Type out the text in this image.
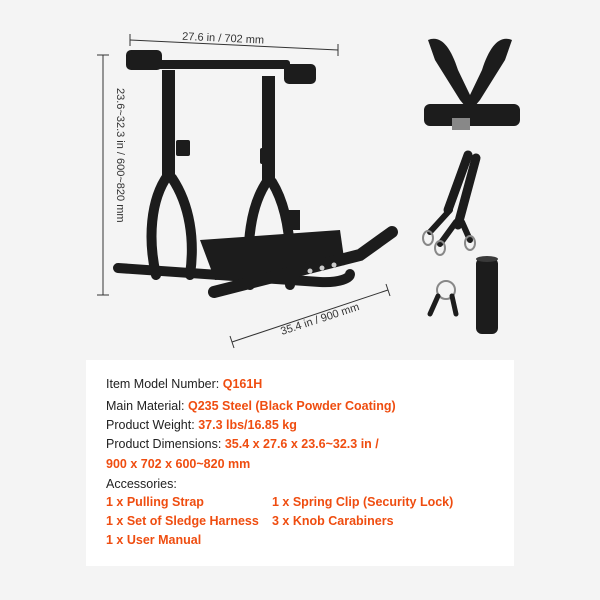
27.6 in / 702 mm
23.6~32.3 in / 600~820 mm
35.4 in / 900 mm
Item Model Number: Q161H
Main Material: Q235 Steel (Black Powder Coating)
Product Weight: 37.3 lbs/16.85 kg
Product Dimensions: 35.4 x 27.6 x 23.6~32.3 in /
900 x 702 x 600~820 mm
Accessories:
1 x Pulling Strap	1 x Spring Clip (Security Lock)
1 x Set of Sledge Harness 3 x Knob Carabiners
1 x User Manual
